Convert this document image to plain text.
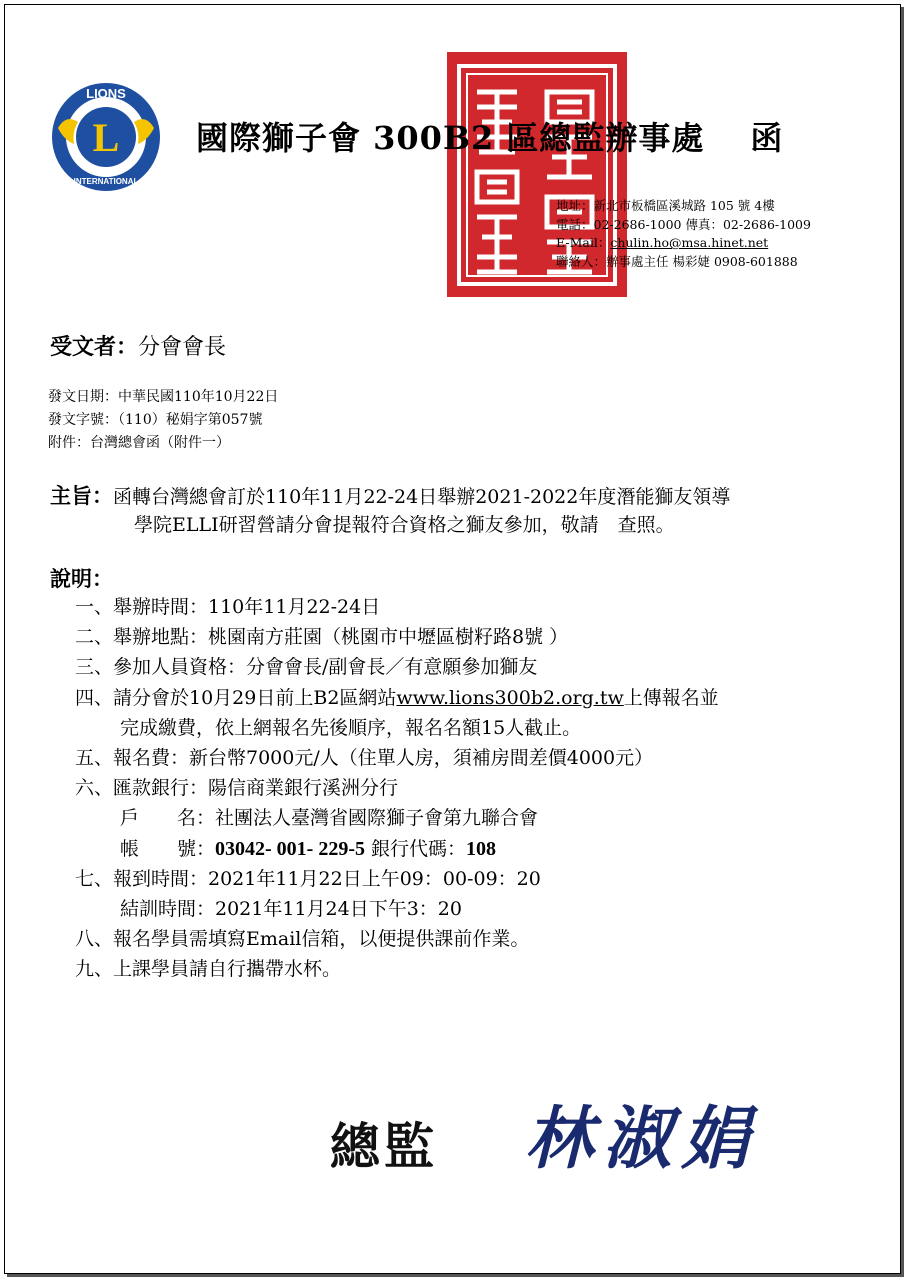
L
LIONS
INTERNATIONAL
國際獅子會 300B2 區總監辦事處 函
地址：新北市板橋區溪城路 105 號 4樓
電話：02-2686-1000 傳真：02-2686-1009
E-Mail：chulin.ho@msa.hinet.net
聯絡人：辦事處主任 楊彩婕 0908-601888
受文者：分會會長
發文日期：中華民國110年10月22日
發文字號：（110）秘娟字第057號
附件：台灣總會函（附件一）
主旨：函轉台灣總會訂於110年11月22-24日舉辦2021-2022年度潛能獅友領導
學院ELLI研習營請分會提報符合資格之獅友參加，敬請　查照。
說明：
一、舉辦時間：110年11月22-24日
二、舉辦地點：桃園南方莊園（桃園市中壢區樹籽路8號 ）
三、參加人員資格：分會會長/副會長／有意願參加獅友
四、請分會於10月29日前上B2區網站www.lions300b2.org.tw上傳報名並
完成繳費，依上網報名先後順序，報名名額15人截止。
五、報名費：新台幣7000元/人（住單人房，須補房間差價4000元）
六、匯款銀行：陽信商業銀行溪洲分行
戶　　名：社團法人臺灣省國際獅子會第九聯合會
帳　　號：03042- 001- 229-5 銀行代碼：108
七、報到時間：2021年11月22日上午09：00-09：20
結訓時間：2021年11月24日下午3：20
八、報名學員需填寫Email信箱，以便提供課前作業。
九、上課學員請自行攜帶水杯。
總監 林淑娟
